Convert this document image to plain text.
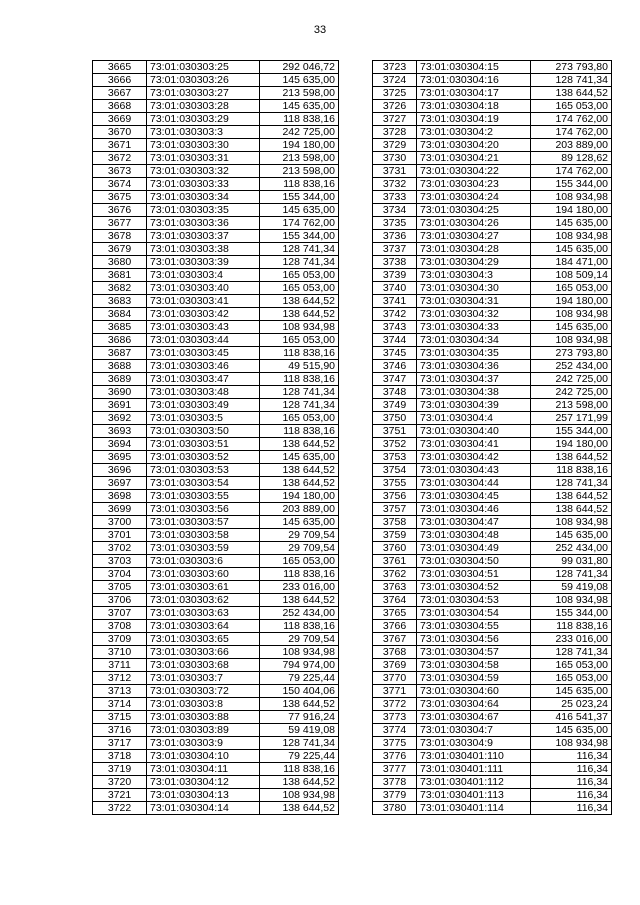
33
3665	73:01:030303:25	292 046,72
3666	73:01:030303:26	145 635,00
3667	73:01:030303:27	213 598,00
3668	73:01:030303:28	145 635,00
3669	73:01:030303:29	118 838,16
3670	73:01:030303:3	242 725,00
3671	73:01:030303:30	194 180,00
3672	73:01:030303:31	213 598,00
3673	73:01:030303:32	213 598,00
3674	73:01:030303:33	118 838,16
3675	73:01:030303:34	155 344,00
3676	73:01:030303:35	145 635,00
3677	73:01:030303:36	174 762,00
3678	73:01:030303:37	155 344,00
3679	73:01:030303:38	128 741,34
3680	73:01:030303:39	128 741,34
3681	73:01:030303:4	165 053,00
3682	73:01:030303:40	165 053,00
3683	73:01:030303:41	138 644,52
3684	73:01:030303:42	138 644,52
3685	73:01:030303:43	108 934,98
3686	73:01:030303:44	165 053,00
3687	73:01:030303:45	118 838,16
3688	73:01:030303:46	49 515,90
3689	73:01:030303:47	118 838,16
3690	73:01:030303:48	128 741,34
3691	73:01:030303:49	128 741,34
3692	73:01:030303:5	165 053,00
3693	73:01:030303:50	118 838,16
3694	73:01:030303:51	138 644,52
3695	73:01:030303:52	145 635,00
3696	73:01:030303:53	138 644,52
3697	73:01:030303:54	138 644,52
3698	73:01:030303:55	194 180,00
3699	73:01:030303:56	203 889,00
3700	73:01:030303:57	145 635,00
3701	73:01:030303:58	29 709,54
3702	73:01:030303:59	29 709,54
3703	73:01:030303:6	165 053,00
3704	73:01:030303:60	118 838,16
3705	73:01:030303:61	233 016,00
3706	73:01:030303:62	138 644,52
3707	73:01:030303:63	252 434,00
3708	73:01:030303:64	118 838,16
3709	73:01:030303:65	29 709,54
3710	73:01:030303:66	108 934,98
3711	73:01:030303:68	794 974,00
3712	73:01:030303:7	79 225,44
3713	73:01:030303:72	150 404,06
3714	73:01:030303:8	138 644,52
3715	73:01:030303:88	77 916,24
3716	73:01:030303:89	59 419,08
3717	73:01:030303:9	128 741,34
3718	73:01:030304:10	79 225,44
3719	73:01:030304:11	118 838,16
3720	73:01:030304:12	138 644,52
3721	73:01:030304:13	108 934,98
3722	73:01:030304:14	138 644,52
3723	73:01:030304:15	273 793,80
3724	73:01:030304:16	128 741,34
3725	73:01:030304:17	138 644,52
3726	73:01:030304:18	165 053,00
3727	73:01:030304:19	174 762,00
3728	73:01:030304:2	174 762,00
3729	73:01:030304:20	203 889,00
3730	73:01:030304:21	89 128,62
3731	73:01:030304:22	174 762,00
3732	73:01:030304:23	155 344,00
3733	73:01:030304:24	108 934,98
3734	73:01:030304:25	194 180,00
3735	73:01:030304:26	145 635,00
3736	73:01:030304:27	108 934,98
3737	73:01:030304:28	145 635,00
3738	73:01:030304:29	184 471,00
3739	73:01:030304:3	108 509,14
3740	73:01:030304:30	165 053,00
3741	73:01:030304:31	194 180,00
3742	73:01:030304:32	108 934,98
3743	73:01:030304:33	145 635,00
3744	73:01:030304:34	108 934,98
3745	73:01:030304:35	273 793,80
3746	73:01:030304:36	252 434,00
3747	73:01:030304:37	242 725,00
3748	73:01:030304:38	242 725,00
3749	73:01:030304:39	213 598,00
3750	73:01:030304:4	257 171,99
3751	73:01:030304:40	155 344,00
3752	73:01:030304:41	194 180,00
3753	73:01:030304:42	138 644,52
3754	73:01:030304:43	118 838,16
3755	73:01:030304:44	128 741,34
3756	73:01:030304:45	138 644,52
3757	73:01:030304:46	138 644,52
3758	73:01:030304:47	108 934,98
3759	73:01:030304:48	145 635,00
3760	73:01:030304:49	252 434,00
3761	73:01:030304:50	99 031,80
3762	73:01:030304:51	128 741,34
3763	73:01:030304:52	59 419,08
3764	73:01:030304:53	108 934,98
3765	73:01:030304:54	155 344,00
3766	73:01:030304:55	118 838,16
3767	73:01:030304:56	233 016,00
3768	73:01:030304:57	128 741,34
3769	73:01:030304:58	165 053,00
3770	73:01:030304:59	165 053,00
3771	73:01:030304:60	145 635,00
3772	73:01:030304:64	25 023,24
3773	73:01:030304:67	416 541,37
3774	73:01:030304:7	145 635,00
3775	73:01:030304:9	108 934,98
3776	73:01:030401:110	116,34
3777	73:01:030401:111	116,34
3778	73:01:030401:112	116,34
3779	73:01:030401:113	116,34
3780	73:01:030401:114	116,34
